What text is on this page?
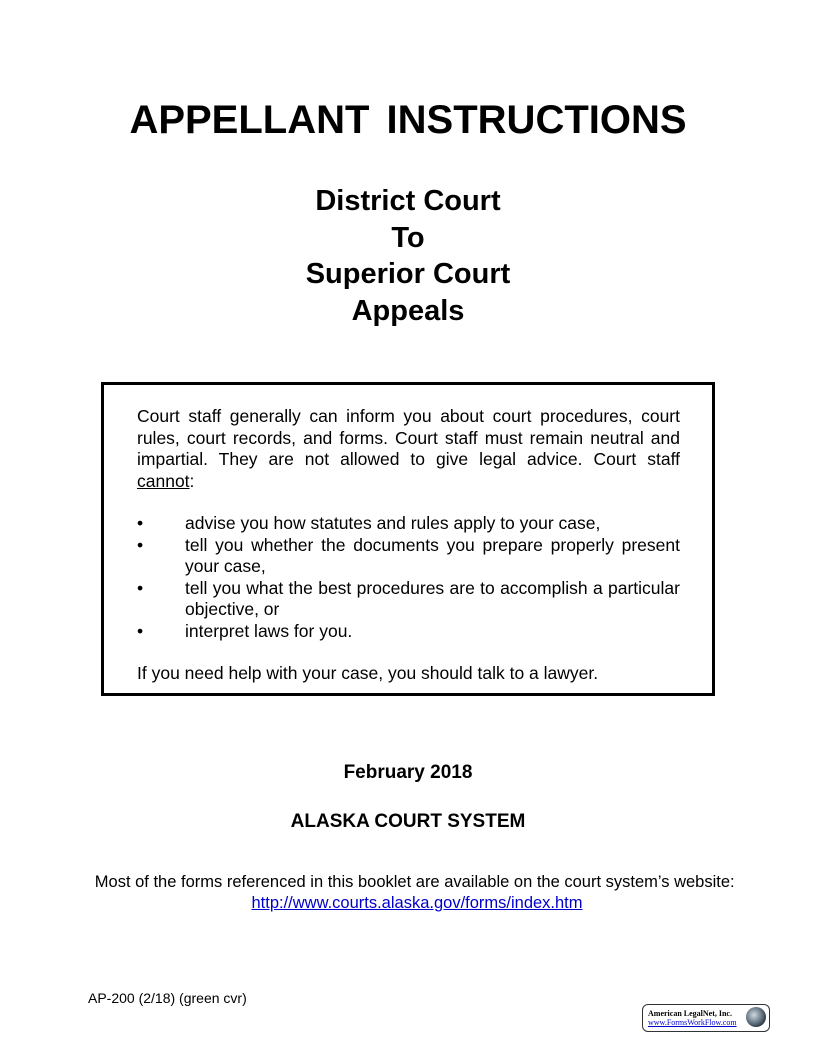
APPELLANT INSTRUCTIONS
District Court
To
Superior Court
Appeals
Court staff generally can inform you about court procedures, court rules, court records, and forms. Court staff must remain neutral and impartial. They are not allowed to give legal advice. Court staff cannot:
• advise you how statutes and rules apply to your case,
• tell you whether the documents you prepare properly present your case,
• tell you what the best procedures are to accomplish a particular objective, or
• interpret laws for you.
If you need help with your case, you should talk to a lawyer.
February 2018
ALASKA COURT SYSTEM
Most of the forms referenced in this booklet are available on the court system’s website:  http://www.courts.alaska.gov/forms/index.htm
AP-200 (2/18) (green cvr)
American LegalNet, Inc.
www.FormsWorkFlow.com
